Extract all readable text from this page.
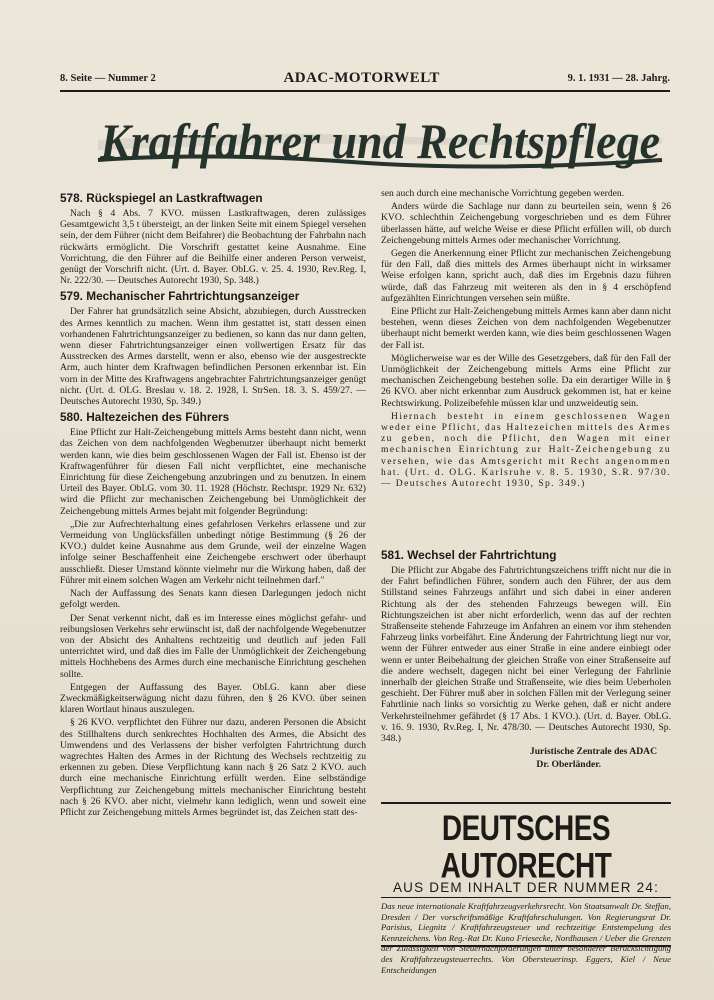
8. Seite — Nummer 2	ADAC-MOTORWELT	9. 1. 1931 — 28. Jahrg.
Kraftfahrer und Rechtspflege
578. Rückspiegel an Lastkraftwagen

Nach § 4 Abs. 7 KVO. müssen Lastkraftwagen, deren zulässiges Gesamtgewicht 3,5 t übersteigt, an der linken Seite mit einem Spiegel versehen sein, der dem Führer (nicht dem Beifahrer) die Beobachtung der Fahrbahn nach rückwärts ermöglicht. Die Vorschrift gestattet keine Ausnahme. Eine Vorrichtung, die den Führer auf die Beihilfe einer anderen Person verweist, genügt der Vorschrift nicht. (Urt. d. Bayer. ObLG. v. 25. 4. 1930, Rev.Reg. I, Nr. 222/30. — Deutsches Autorecht 1930, Sp. 348.)

579. Mechanischer Fahrtrichtungsanzeiger

Der Fahrer hat grundsätzlich seine Absicht, abzubiegen, durch Ausstrecken des Armes kenntlich zu machen. Wenn ihm gestattet ist, statt dessen einen vorhandenen Fahrtrichtungsanzeiger zu bedienen, so kann das nur dann gelten, wenn dieser Fahrtrichtungsanzeiger einen vollwertigen Ersatz für das Ausstrecken des Armes darstellt, wenn er also, ebenso wie der ausgestreckte Arm, auch hinter dem Kraftwagen befindlichen Personen erkennbar ist. Ein vorn in der Mitte des Kraftwagens angebrachter Fahrtrichtungsanzeiger genügt nicht. (Urt. d. OLG. Breslau v. 18. 2. 1928, I. StrSen. 18. 3. S. 459/27. — Deutsches Autorecht 1930, Sp. 349.)

580. Haltezeichen des Führers

Eine Pflicht zur Halt-Zeichengebung mittels Arms besteht dann nicht, wenn das Zeichen von dem nachfolgenden Wegbenutzer überhaupt nicht bemerkt werden kann, wie dies beim geschlossenen Wagen der Fall ist. Ebenso ist der Kraftwagenführer für diesen Fall nicht verpflichtet, eine mechanische Einrichtung für diese Zeichengebung anzubringen und zu benutzen. In einem Urteil des Bayer. ObLG. vom 30. 11. 1928 (Höchstr. Rechtspr. 1929 Nr. 632) wird die Pflicht zur mechanischen Zeichengebung bei Unmöglichkeit der Zeichengebung mittels Armes bejaht mit folgender Begründung:

„Die zur Aufrechterhaltung eines gefahrlosen Verkehrs erlassene und zur Vermeidung von Unglücksfällen unbedingt nötige Bestimmung (§ 26 der KVO.) duldet keine Ausnahme aus dem Grunde, weil der einzelne Wagen infolge seiner Beschaffenheit eine Zeichengebe erschwert oder überhaupt ausschließt. Dieser Umstand könnte vielmehr nur die Wirkung haben, daß der Führer mit einem solchen Wagen am Verkehr nicht teilnehmen darf."

Nach der Auffassung des Senats kann diesen Darlegungen jedoch nicht gefolgt werden.

Der Senat verkennt nicht, daß es im Interesse eines möglichst gefahr- und reibungslosen Verkehrs sehr erwünscht ist, daß der nachfolgende Wegebenutzer von der Absicht des Anhaltens rechtzeitig und deutlich auf jeden Fall unterrichtet wird, und daß dies im Falle der Unmöglichkeit der Zeichengebung mittels Hochhebens des Armes durch eine mechanische Einrichtung geschehen sollte.

Entgegen der Auffassung des Bayer. ObLG. kann aber diese Zweckmäßigkeitserwägung nicht dazu führen, den § 26 KVO. über seinen klaren Wortlaut hinaus auszulegen.

§ 26 KVO. verpflichtet den Führer nur dazu, anderen Personen die Absicht des Stillhaltens durch senkrechtes Hochhalten des Armes, die Absicht des Umwendens und des Verlassens der bisher verfolgten Fahrtrichtung durch wagrechtes Halten des Armes in der Richtung des Wechsels rechtzeitig zu erkennen zu geben. Diese Verpflichtung kann nach § 26 Satz 2 KVO. auch durch eine mechanische Einrichtung erfüllt werden. Eine selbständige Verpflichtung zur Zeichengebung mittels mechanischer Einrichtung besteht nach § 26 KVO. aber nicht, vielmehr kann lediglich, wenn und soweit eine Pflicht zur Zeichengebung mittels Armes begründet ist, das Zeichen statt des-

sen auch durch eine mechanische Vorrichtung gegeben werden.

Anders würde die Sachlage nur dann zu beurteilen sein, wenn § 26 KVO. schlechthin Zeichengebung vorgeschrieben und es dem Führer überlassen hätte, auf welche Weise er diese Pflicht erfüllen will, ob durch Zeichengebung mittels Armes oder mechanischer Vorrichtung.

Gegen die Anerkennung einer Pflicht zur mechanischen Zeichengebung für den Fall, daß dies mittels des Armes überhaupt nicht in wirksamer Weise erfolgen kann, spricht auch, daß dies im Ergebnis dazu führen würde, daß das Fahrzeug mit weiteren als den in § 4 erschöpfend aufgezählten Einrichtungen versehen sein müßte.

Eine Pflicht zur Halt-Zeichengebung mittels Armes kann aber dann nicht bestehen, wenn dieses Zeichen von dem nachfolgenden Wegebenutzer überhaupt nicht bemerkt werden kann, wie dies beim geschlossenen Wagen der Fall ist.

Möglicherweise war es der Wille des Gesetzgebers, daß für den Fall der Unmöglichkeit der Zeichengebung mittels Arms eine Pflicht zur mechanischen Zeichengebung bestehen solle. Da ein derartiger Wille in § 26 KVO. aber nicht erkennbar zum Ausdruck gekommen ist, hat er keine Rechtswirkung. Polizeibefehle müssen klar und unzweideutig sein.

Hiernach besteht in einem geschlossenen Wagen weder eine Pflicht, das Haltezeichen mittels des Armes zu geben, noch die Pflicht, den Wagen mit einer mechanischen Einrichtung zur Halt-Zeichengebung zu versehen, wie das Amtsgericht mit Recht angenommen hat. (Urt. d. OLG. Karlsruhe v. 8. 5. 1930, S.R. 97/30. — Deutsches Autorecht 1930, Sp. 349.)

581. Wechsel der Fahrtrichtung

Die Pflicht zur Abgabe des Fahrtrichtungszeichens trifft nicht nur die in der Fahrt befindlichen Führer, sondern auch den Führer, der aus dem Stillstand seines Fahrzeugs anfährt und sich dabei in einer anderen Richtung als der des stehenden Fahrzeugs bewegen will. Ein Richtungszeichen ist aber nicht erforderlich, wenn das auf der rechten Straßenseite stehende Fahrzeuge im Anfahren an einem vor ihm stehenden Fahrzeug links vorbeifährt. Eine Änderung der Fahrtrichtung liegt nur vor, wenn der Führer entweder aus einer Straße in eine andere einbiegt oder wenn er unter Beibehaltung der gleichen Straße von einer Straßenseite auf die andere wechselt, dagegen nicht bei einer Verlegung der Fahrlinie innerhalb der gleichen Straße und Straßenseite, wie dies beim Ueberholen geschieht. Der Führer muß aber in solchen Fällen mit der Verlegung seiner Fahrtlinie nach links so vorsichtig zu Werke gehen, daß er nicht andere Verkehrsteilnehmer gefährdet (§ 17 Abs. 1 KVO.). (Urt. d. Bayer. ObLG. v. 16. 9. 1930, Rv.Reg. I, Nr. 478/30. — Deutsches Autorecht 1930, Sp. 348.)

Juristische Zentrale des ADAC
Dr. Oberländer.
DEUTSCHES AUTORECHT
AUS DEM INHALT DER NUMMER 24:
Das neue internationale Kraftfahrzeugverkehrsrecht. Von Staatsanwalt Dr. Steffan, Dresden / Der vorschriftsmäßige Kraftfahrschulungen. Von Regierungsrat Dr. Parisius, Liegnitz / Kraftfahrzeugsteuer und rechtzeitige Entstempelung des Kennzeichens. Von Reg.-Rat Dr. Kuno Friesecke, Nordhausen / Ueber die Grenzen der Zulässigkeit von Steuernachforderungen unter besonderer Berücksichtigung des Kraftfahrzeugsteuerrechts. Von Obersteuerinsp. Eggers, Kiel / Neue Entscheidungen
